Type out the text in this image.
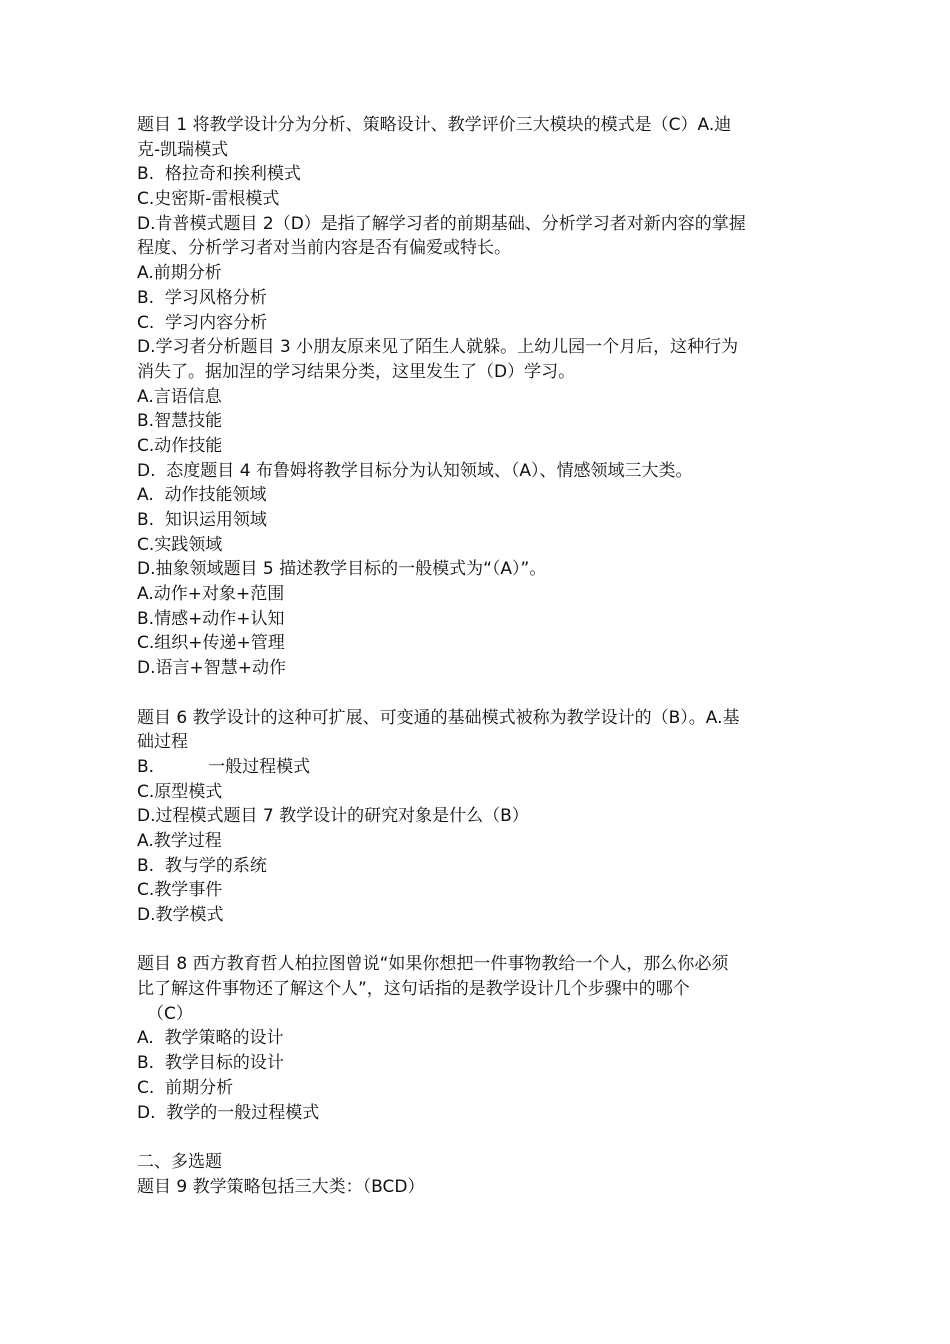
题目 1 将教学设计分为分析、策略设计、教学评价三大模块的模式是（C）A.迪
克-凯瑞模式
B.  格拉奇和挨利模式
C.史密斯-雷根模式
D.肯普模式题目 2（D）是指了解学习者的前期基础、分析学习者对新内容的掌握
程度、分析学习者对当前内容是否有偏爱或特长。
A.前期分析
B.  学习风格分析
C.  学习内容分析
D.学习者分析题目 3 小朋友原来见了陌生人就躲。上幼儿园一个月后，这种行为
消失了。据加涅的学习结果分类，这里发生了（D）学习。
A.言语信息
B.智慧技能
C.动作技能
D.  态度题目 4 布鲁姆将教学目标分为认知领域、（A）、情感领域三大类。
A.  动作技能领域
B.  知识运用领域
C.实践领域
D.抽象领域题目 5 描述教学目标的一般模式为“（A）”。
A.动作+对象+范围
B.情感+动作+认知
C.组织+传递+管理
D.语言+智慧+动作
题目 6 教学设计的这种可扩展、可变通的基础模式被称为教学设计的（B）。A.基
础过程
B.          一般过程模式
C.原型模式
D.过程模式题目 7 教学设计的研究对象是什么（B）
A.教学过程
B.  教与学的系统
C.教学事件
D.教学模式
题目 8 西方教育哲人柏拉图曾说“如果你想把一件事物教给一个人，那么你必须
比了解这件事物还了解这个人”，这句话指的是教学设计几个步骤中的哪个
（C）
A.  教学策略的设计
B.  教学目标的设计
C.  前期分析
D.  教学的一般过程模式
二、多选题
题目 9 教学策略包括三大类：（BCD）
